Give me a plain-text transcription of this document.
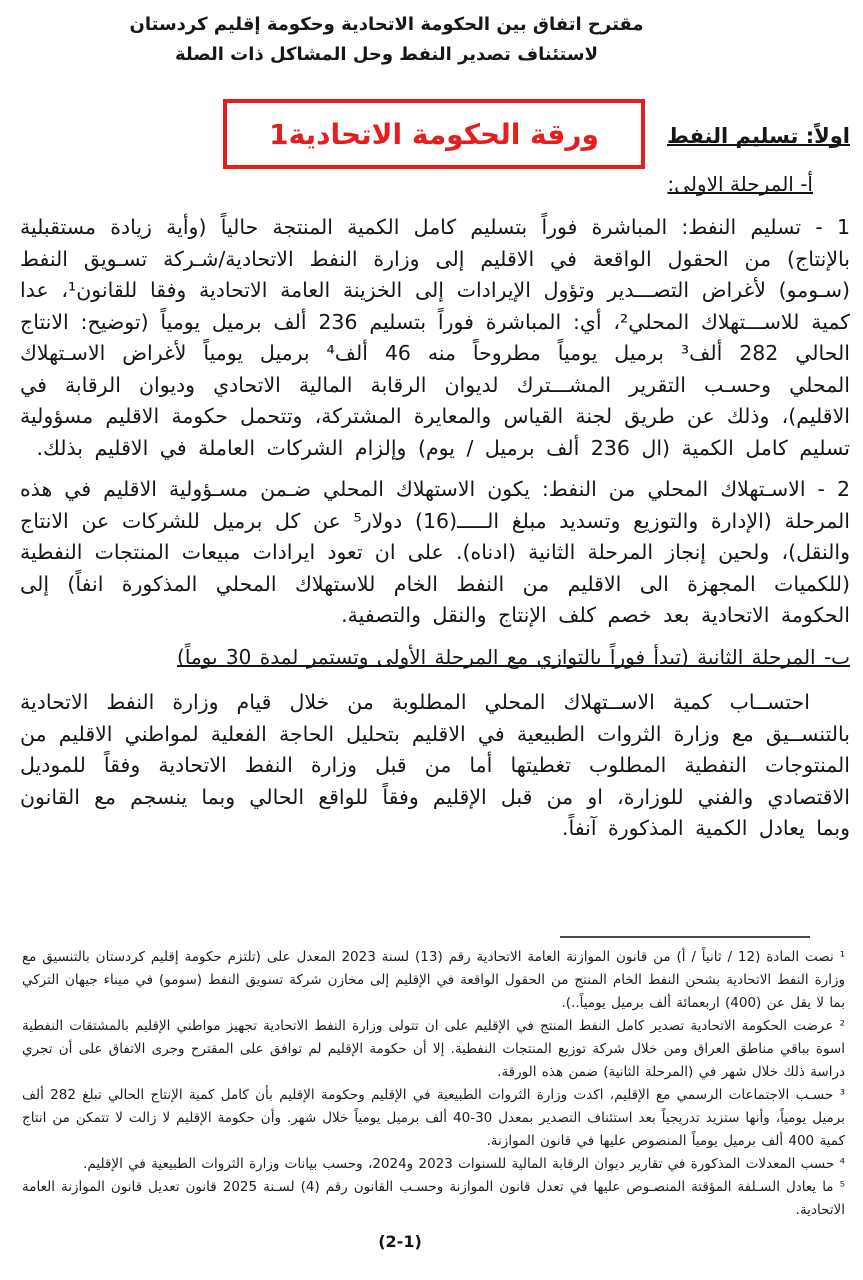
مقترح اتفاق بين الحكومة الاتحادية وحكومة إقليم كردستان
لاستئناف تصدير النفط وحل المشاكل ذات الصلة
ورقة الحكومة الاتحادية1	اولاً: تسليم النفط
أ- المرحلة الاولى:

1 - تسليم النفط: المباشرة فوراً بتسليم كامل الكمية المنتجة حالياً (وأية زيادة مستقبلية بالإنتاج) من الحقول الواقعة في الاقليم إلى وزارة النفط الاتحادية/شـركة تسـويق النفط (سـومو) لأغراض التصـــدير وتؤول الإيرادات إلى الخزينة العامة الاتحادية وفقا للقانون¹، عدا كمية للاســـتهلاك المحلي²، أي: المباشرة فوراً بتسليم 236 ألف برميل يومياً (توضيح: الانتاج الحالي 282 ألف³ برميل يومياً مطروحاً منه 46 ألف⁴ برميل يومياً لأغراض الاسـتهلاك المحلي وحسـب التقرير المشـــترك لديوان الرقابة المالية الاتحادي وديوان الرقابة في الاقليم)، وذلك عن طريق لجنة القياس والمعايرة المشتركة، وتتحمل حكومة الاقليم مسؤولية تسليم كامل الكمية (ال 236 ألف برميل / يوم) وإلزام الشركات العاملة في الاقليم بذلك.

2 - الاسـتهلاك المحلي من النفط: يكون الاستهلاك المحلي ضـمن مسـؤولية الاقليم في هذه المرحلة (الإدارة والتوزيع وتسديد مبلغ الـــــ(16) دولار⁵ عن كل برميل للشركات عن الانتاج والنقل)، ولحين إنجاز المرحلة الثانية (ادناه). على ان تعود ايرادات مبيعات المنتجات النفطية (للكميات المجهزة الى الاقليم من النفط الخام للاستهلاك المحلي المذكورة انفاً) إلى الحكومة الاتحادية بعد خصم كلف الإنتاج والنقل والتصفية.

ب- المرحلة الثانية (تبدأ فوراً بالتوازي مع المرحلة الأولى وتستمر لمدة 30 يوماً)

احتســاب كمية الاســتهلاك المحلي المطلوبة من خلال قيام وزارة النفط الاتحادية بالتنســيق مع وزارة الثروات الطبيعية في الاقليم بتحليل الحاجة الفعلية لمواطني الاقليم من المنتوجات النفطية المطلوب تغطيتها أما من قبل وزارة النفط الاتحادية وفقاً للموديل الاقتصادي والفني للوزارة، او من قبل الإقليم وفقاً للواقع الحالي وبما ينسجم مع القانون وبما يعادل الكمية المذكورة آنفاً.

¹ نصت المادة (12 / ثانياً / أ) من قانون الموازنة العامة الاتحادية رقم (13) لسنة 2023 المعدل على (تلتزم حكومة إقليم كردستان بالتنسيق مع وزارة النفط الاتحادية بشحن النفط الخام المنتج من الحقول الواقعة في الإقليم إلى مخازن شركة تسويق النفط (سومو) في ميناء جيهان التركي بما لا يقل عن (400) اربعمائة ألف برميل يومياً..).

² عرضت الحكومة الاتحادية تصدير كامل النفط المنتج في الإقليم على ان تتولى وزارة النفط الاتحادية تجهيز مواطني الإقليم بالمشتقات النفطية اسوة بباقي مناطق العراق ومن خلال شركة توزيع المنتجات النفطية. إلا أن حكومة الإقليم لم توافق على المقترح وجرى الاتفاق على أن تجري دراسة ذلك خلال شهر في (المرحلة الثانية) ضمن هذه الورقة.

³ حسـب الاجتماعات الرسمي مع الإقليم، اكدت وزارة الثروات الطبيعية في الإقليم وحكومة الإقليم بأن كامل كمية الإنتاج الحالي تبلغ 282 ألف برميل يومياً، وأنها ستزيد تدريجياً بعد استئناف التصدير بمعدل 30-40 ألف برميل يومياً خلال شهر. وأن حكومة الإقليم لا زالت لا تتمكن من انتاج كمية 400 ألف برميل يومياً المنصوص عليها في قانون الموازنة.

⁴ حسب المعدلات المذكورة في تقارير ديوان الرقابة المالية للسنوات 2023 و2024، وحسب بيانات وزارة الثروات الطبيعية في الإقليم.

⁵ ما يعادل السـلفة المؤقتة المنصـوص عليها في تعدل قانون الموازنة وحسـب القانون رقم (4) لسـنة 2025 قانون تعديل قانون الموازنة العامة الاتحادية.

(2-1)
